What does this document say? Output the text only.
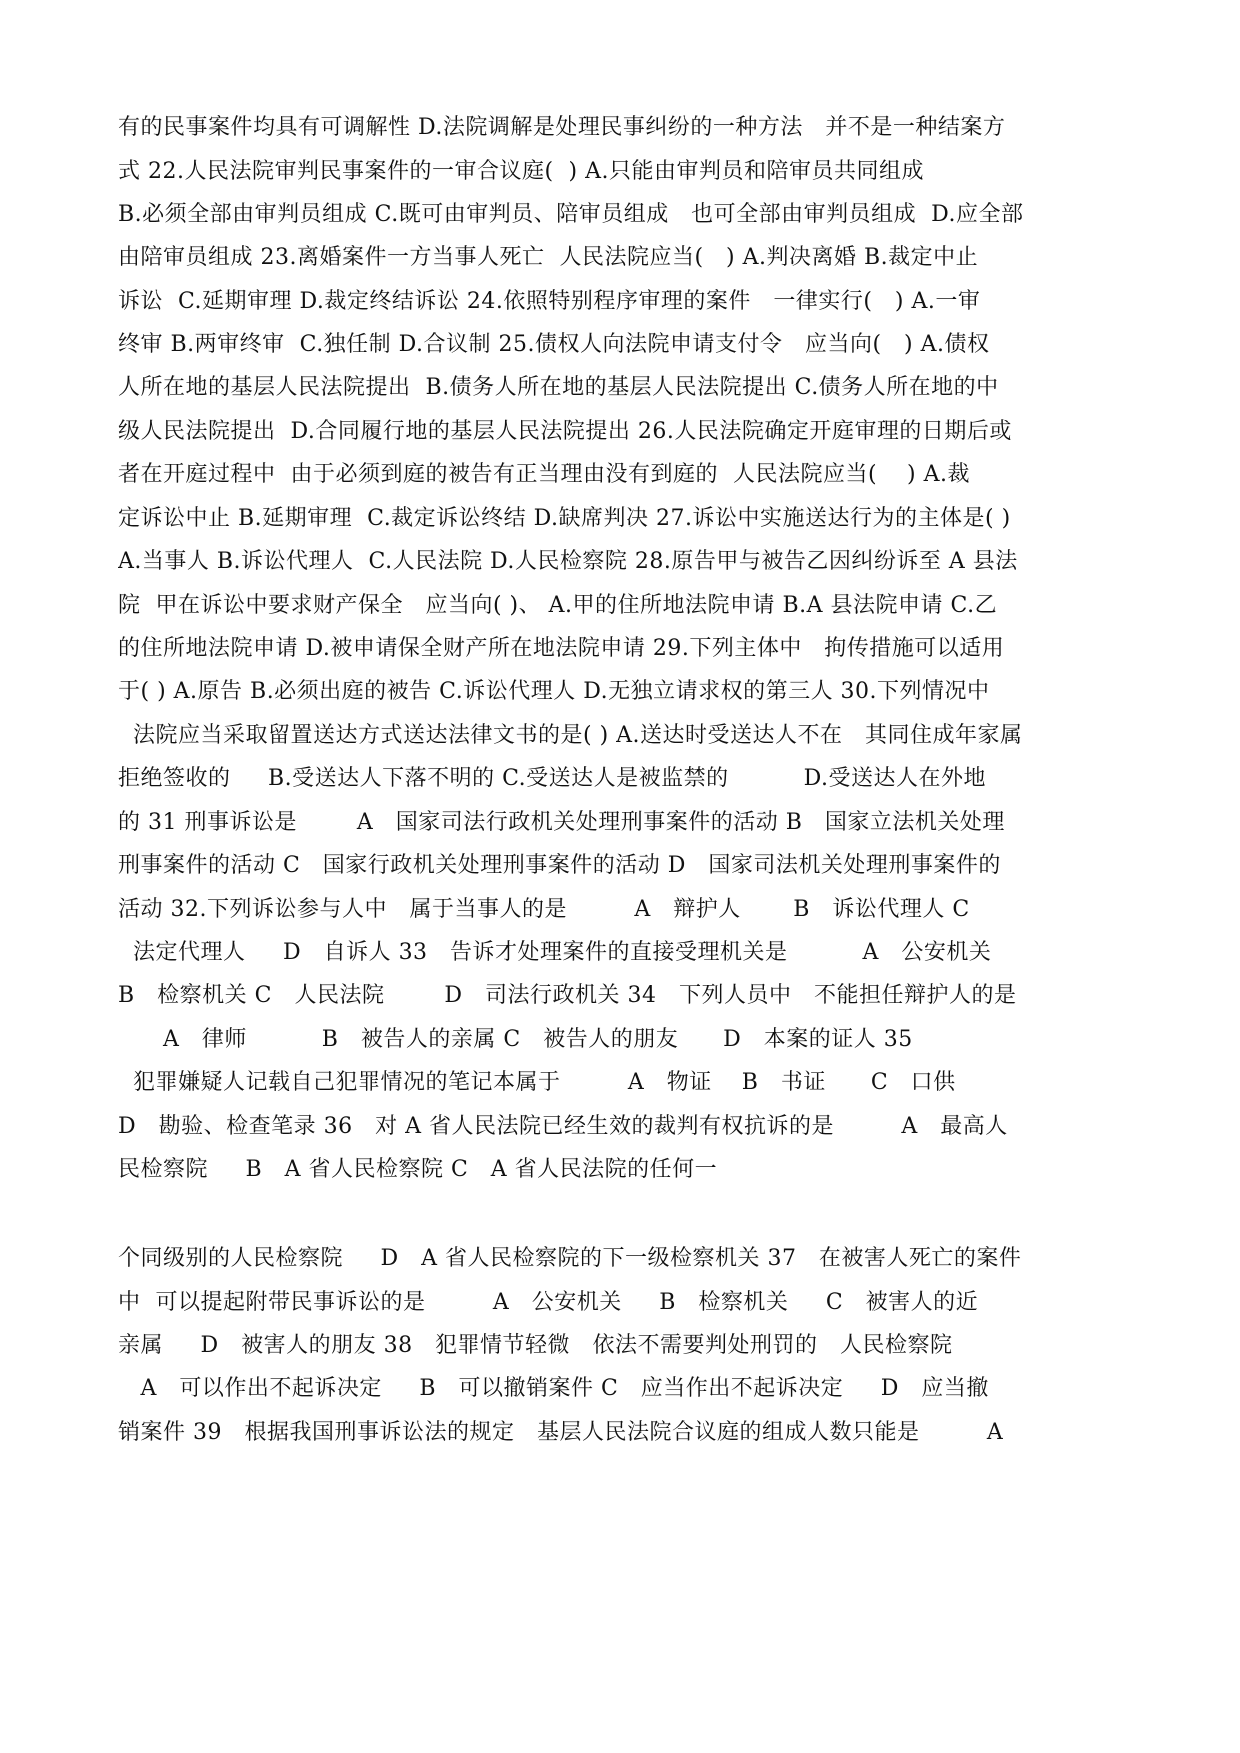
有的民事案件均具有可调解性 D.法院调解是处理民事纠纷的一种方法   并不是一种结案方
式 22.人民法院审判民事案件的一审合议庭(  ) A.只能由审判员和陪审员共同组成
B.必须全部由审判员组成 C.既可由审判员、陪审员组成   也可全部由审判员组成  D.应全部
由陪审员组成 23.离婚案件一方当事人死亡  人民法院应当(   ) A.判决离婚 B.裁定中止
诉讼  C.延期审理 D.裁定终结诉讼 24.依照特别程序审理的案件   一律实行(   ) A.一审
终审 B.两审终审  C.独任制 D.合议制 25.债权人向法院申请支付令   应当向(   ) A.债权
人所在地的基层人民法院提出  B.债务人所在地的基层人民法院提出 C.债务人所在地的中
级人民法院提出  D.合同履行地的基层人民法院提出 26.人民法院确定开庭审理的日期后或
者在开庭过程中  由于必须到庭的被告有正当理由没有到庭的  人民法院应当(    ) A.裁
定诉讼中止 B.延期审理  C.裁定诉讼终结 D.缺席判决 27.诉讼中实施送达行为的主体是( )
A.当事人 B.诉讼代理人  C.人民法院 D.人民检察院 28.原告甲与被告乙因纠纷诉至 A 县法
院  甲在诉讼中要求财产保全   应当向( )、 A.甲的住所地法院申请 B.A 县法院申请 C.乙
的住所地法院申请 D.被申请保全财产所在地法院申请 29.下列主体中   拘传措施可以适用
于( ) A.原告 B.必须出庭的被告 C.诉讼代理人 D.无独立请求权的第三人 30.下列情况中
法院应当采取留置送达方式送达法律文书的是( ) A.送达时受送达人不在   其同住成年家属
拒绝签收的     B.受送达人下落不明的 C.受送达人是被监禁的          D.受送达人在外地
的 31 刑事诉讼是        A   国家司法行政机关处理刑事案件的活动 B   国家立法机关处理
刑事案件的活动 C   国家行政机关处理刑事案件的活动 D   国家司法机关处理刑事案件的
活动 32.下列诉讼参与人中   属于当事人的是         A   辩护人       B   诉讼代理人 C
法定代理人     D   自诉人 33   告诉才处理案件的直接受理机关是          A   公安机关
B   检察机关 C   人民法院        D   司法行政机关 34   下列人员中   不能担任辩护人的是
A   律师          B   被告人的亲属 C   被告人的朋友      D   本案的证人 35
犯罪嫌疑人记载自己犯罪情况的笔记本属于         A   物证    B   书证      C   口供
D   勘验、检查笔录 36   对 A 省人民法院已经生效的裁判有权抗诉的是         A   最高人
民检察院     B   A 省人民检察院 C   A 省人民法院的任何一
个同级别的人民检察院     D   A 省人民检察院的下一级检察机关 37   在被害人死亡的案件
中  可以提起附带民事诉讼的是         A   公安机关     B   检察机关     C   被害人的近
亲属     D   被害人的朋友 38   犯罪情节轻微   依法不需要判处刑罚的   人民检察院
A   可以作出不起诉决定     B   可以撤销案件 C   应当作出不起诉决定     D   应当撤
销案件 39   根据我国刑事诉讼法的规定   基层人民法院合议庭的组成人数只能是         A
